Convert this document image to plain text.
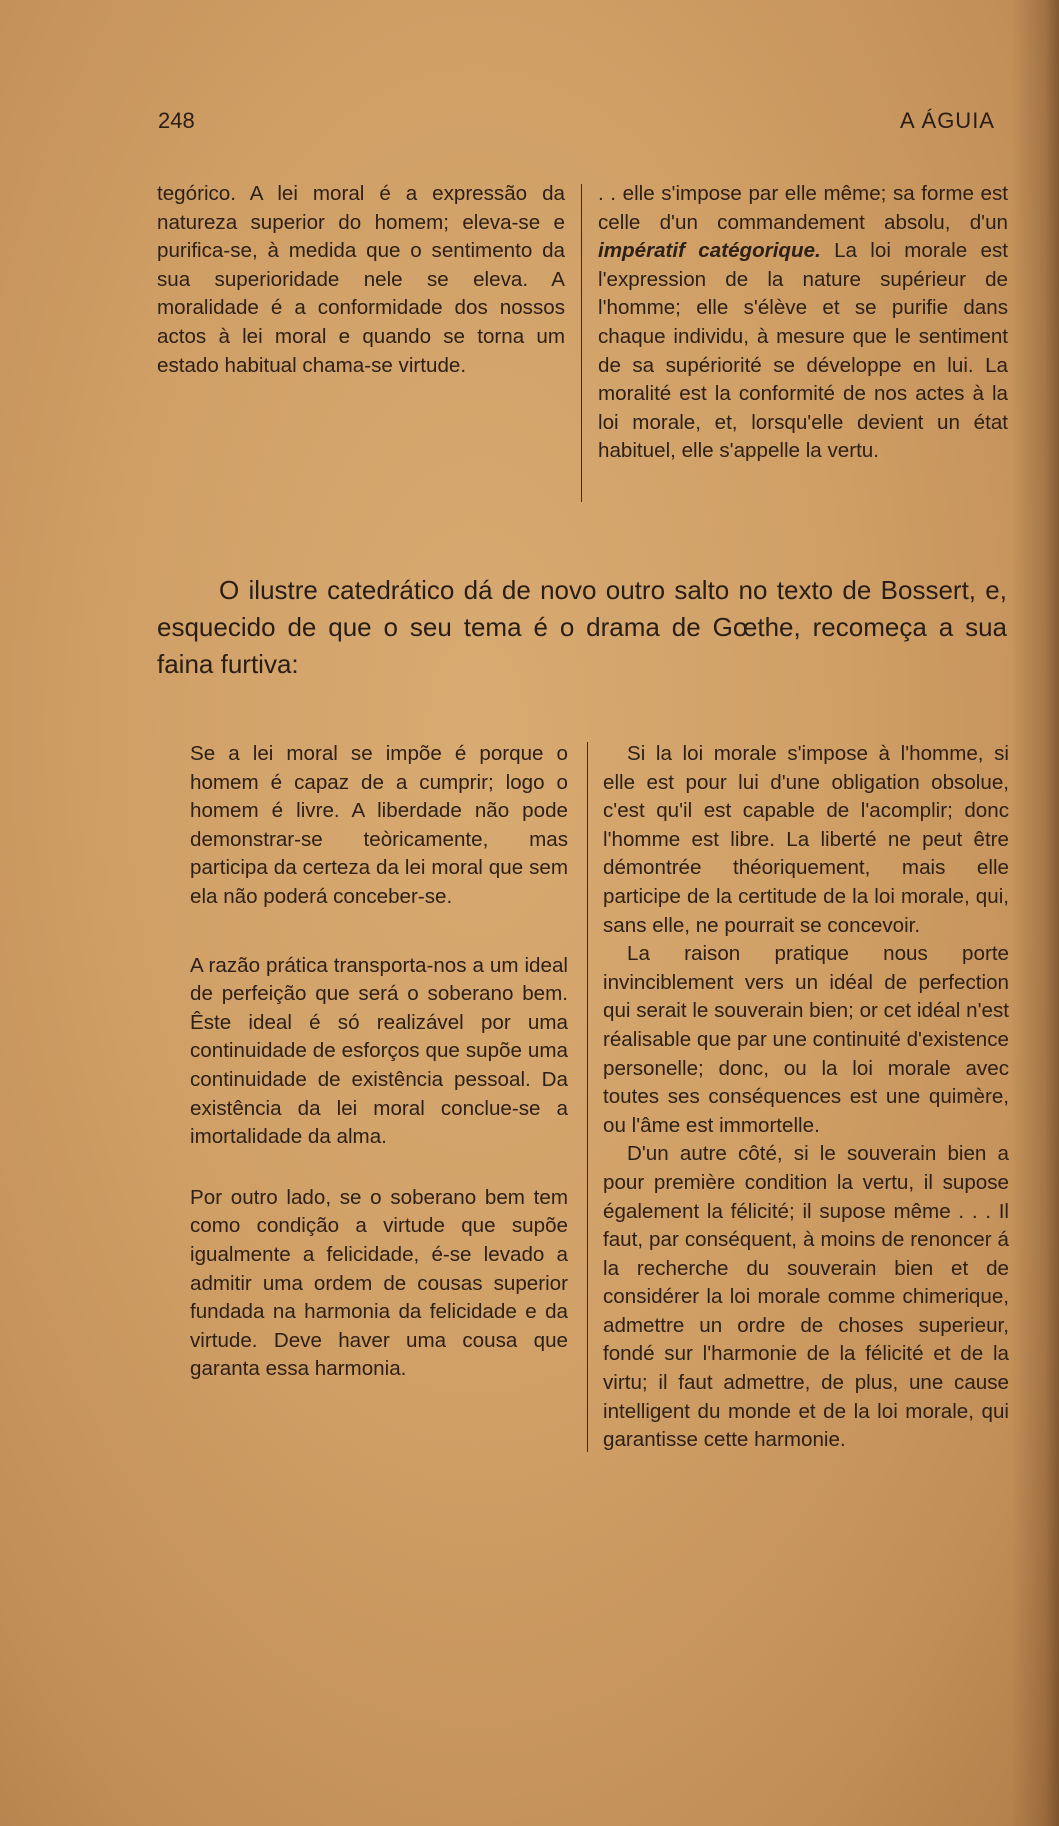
248	A ÁGUIA

tegórico. A lei moral é a expressão da natureza superior do homem; eleva-se e purifica-se, à medida que o sentimento da sua superioridade nele se eleva. A moralidade é a conformidade dos nossos actos à lei moral e quando se torna um estado habitual chama-se virtude.

. . elle s'impose par elle même; sa forme est celle d'un commandement absolu, d'un impératif catégorique. La loi morale est l'expression de la nature supérieur de l'homme; elle s'élève et se purifie dans chaque individu, à mesure que le sentiment de sa supériorité se développe en lui. La moralité est la conformité de nos actes à la loi morale, et, lorsqu'elle devient un état habituel, elle s'appelle la vertu.

O ilustre catedrático dá de novo outro salto no texto de Bossert, e, esquecido de que o seu tema é o drama de Gœthe, recomeça a sua faina furtiva:

Se a lei moral se impõe é porque o homem é capaz de a cumprir; logo o homem é livre. A liberdade não pode demonstrar-se teòricamente, mas participa da certeza da lei moral que sem ela não poderá conceber-se.

A razão prática transporta-nos a um ideal de perfeição que será o soberano bem. Êste ideal é só realizável por uma continuidade de esforços que supõe uma continuidade de existência pessoal. Da existência da lei moral conclue-se a imortalidade da alma.

Por outro lado, se o soberano bem tem como condição a virtude que supõe igualmente a felicidade, é-se levado a admitir uma ordem de cousas superior fundada na harmonia da felicidade e da virtude. Deve haver uma cousa que garanta essa harmonia.

Si la loi morale s'impose à l'homme, si elle est pour lui d'une obligation obsolue, c'est qu'il est capable de l'acomplir; donc l'homme est libre. La liberté ne peut être démontrée théoriquement, mais elle participe de la certitude de la loi morale, qui, sans elle, ne pourrait se concevoir.

La raison pratique nous porte invinciblement vers un idéal de perfection qui serait le souverain bien; or cet idéal n'est réalisable que par une continuité d'existence personelle; donc, ou la loi morale avec toutes ses conséquences est une quimère, ou l'âme est immortelle.

D'un autre côté, si le souverain bien a pour première condition la vertu, il supose également la félicité; il supose même . . . Il faut, par conséquent, à moins de renoncer á la recherche du souverain bien et de considérer la loi morale comme chimerique, admettre un ordre de choses superieur, fondé sur l'harmonie de la félicité et de la virtu; il faut admettre, de plus, une cause intelligent du monde et de la loi morale, qui garantisse cette harmonie.
